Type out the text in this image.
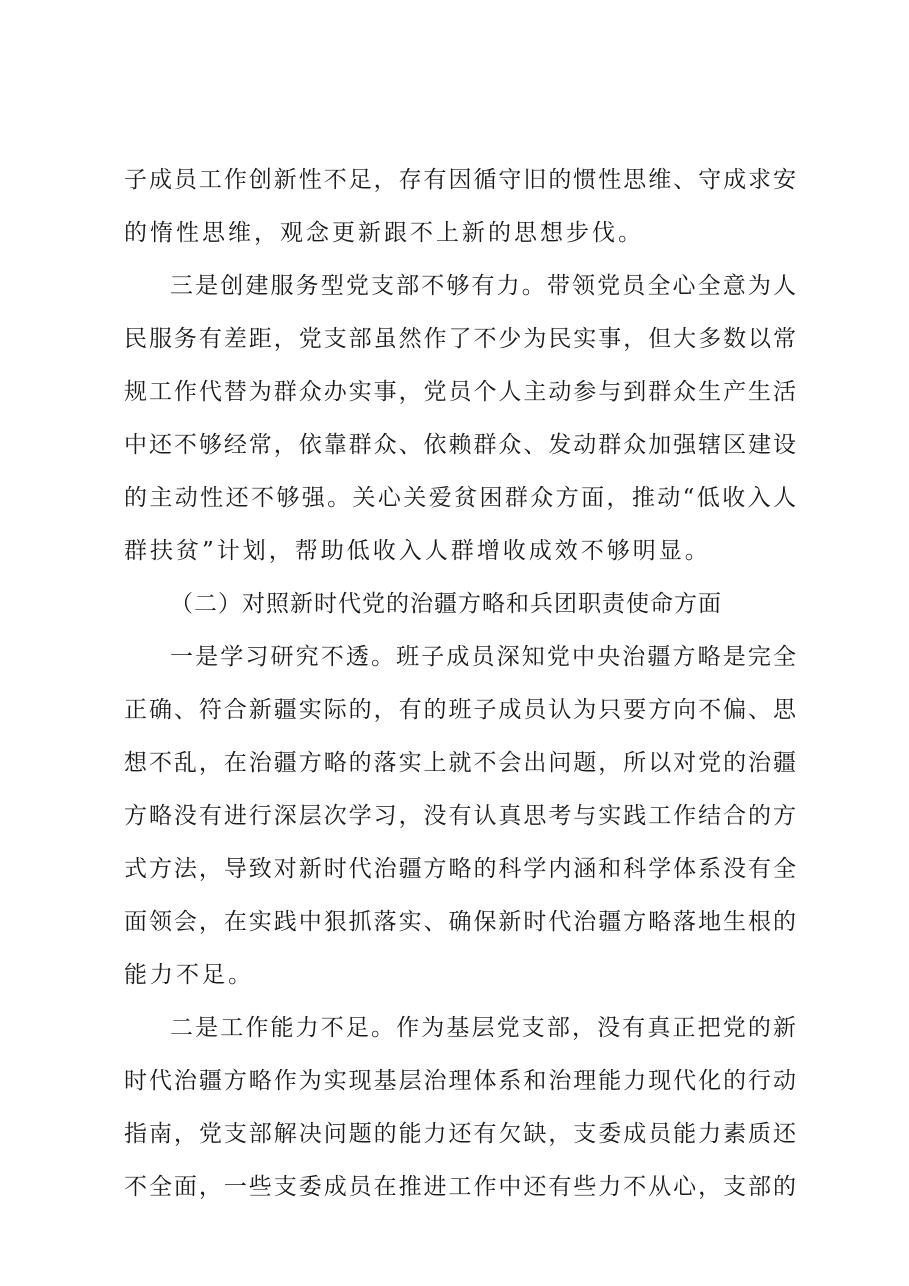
子成员工作创新性不足，存有因循守旧的惯性思维、守成求安
的惰性思维，观念更新跟不上新的思想步伐。
三是创建服务型党支部不够有力。带领党员全心全意为人
民服务有差距，党支部虽然作了不少为民实事，但大多数以常
规工作代替为群众办实事，党员个人主动参与到群众生产生活
中还不够经常，依靠群众、依赖群众、发动群众加强辖区建设
的主动性还不够强。关心关爱贫困群众方面，推动“低收入人
群扶贫”计划，帮助低收入人群增收成效不够明显。
（二）对照新时代党的治疆方略和兵团职责使命方面
一是学习研究不透。班子成员深知党中央治疆方略是完全
正确、符合新疆实际的，有的班子成员认为只要方向不偏、思
想不乱，在治疆方略的落实上就不会出问题，所以对党的治疆
方略没有进行深层次学习，没有认真思考与实践工作结合的方
式方法，导致对新时代治疆方略的科学内涵和科学体系没有全
面领会，在实践中狠抓落实、确保新时代治疆方略落地生根的
能力不足。
二是工作能力不足。作为基层党支部，没有真正把党的新
时代治疆方略作为实现基层治理体系和治理能力现代化的行动
指南，党支部解决问题的能力还有欠缺，支委成员能力素质还
不全面，一些支委成员在推进工作中还有些力不从心，支部的
